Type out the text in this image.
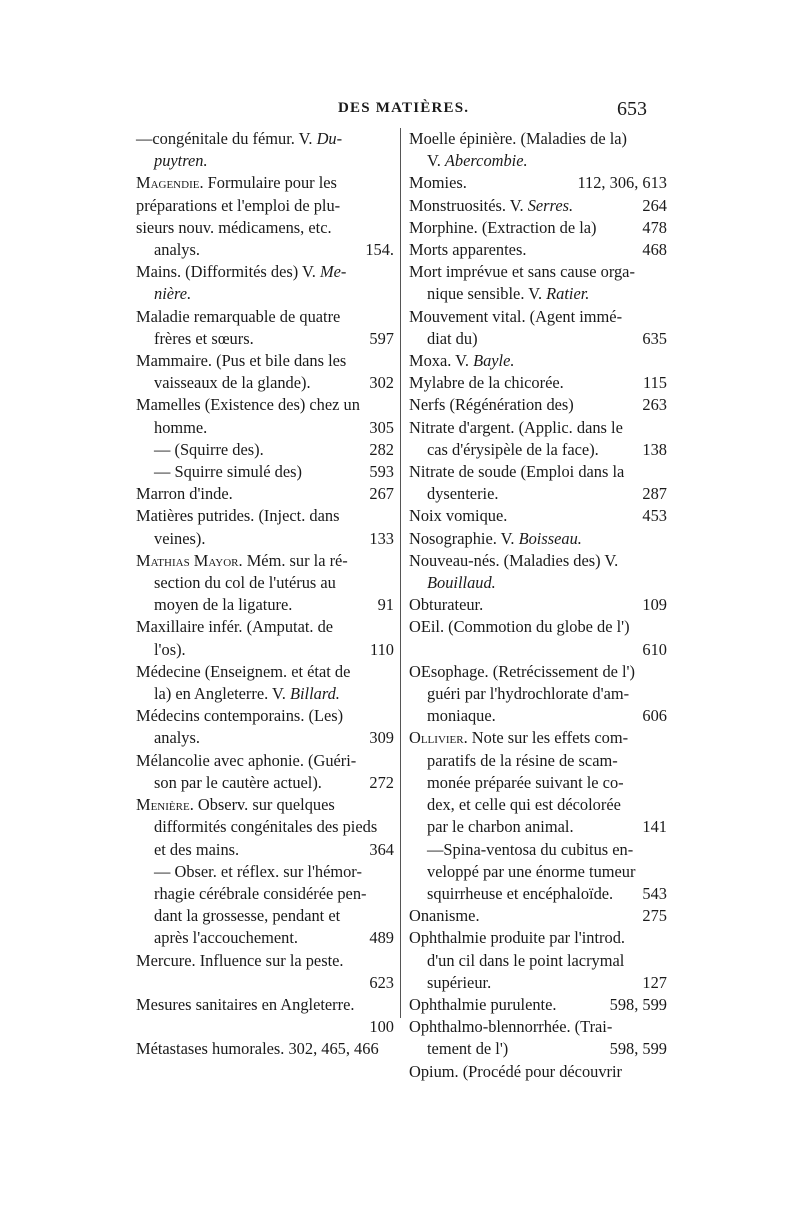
DES MATIÈRES.	653
—congénitale du fémur. V. Du-
puytren.
Magendie. Formulaire pour les
préparations et l'emploi de plu-
sieurs nouv. médicamens, etc.
analys.	154.
Mains. (Difformités des) V. Me-
nière.
Maladie remarquable de quatre
frères et sœurs.	597
Mammaire. (Pus et bile dans les
vaisseaux de la glande).	302
Mamelles (Existence des) chez un
homme.	305
— (Squirre des).	282
— Squirre simulé des)	593
Marron d'inde.	267
Matières putrides. (Inject. dans
veines).	133
Mathias Mayor. Mém. sur la ré-
section du col de l'utérus au
moyen de la ligature.	91
Maxillaire infér. (Amputat. de
l'os).	110
Médecine (Enseignem. et état de
la) en Angleterre. V. Billard.
Médecins contemporains. (Les)
analys.	309
Mélancolie avec aphonie. (Guéri-
son par le cautère actuel).	272
Menière. Observ. sur quelques
difformités congénitales des pieds
et des mains.	364
— Obser. et réflex. sur l'hémor-
rhagie cérébrale considérée pen-
dant la grossesse, pendant et
après l'accouchement.	489
Mercure. Influence sur la peste.
623
Mesures sanitaires en Angleterre.
100
Métastases humorales. 302, 465, 466
Moelle épinière. (Maladies de la)
V. Abercombie.
Momies.	112, 306, 613
Monstruosités. V. Serres.	264
Morphine. (Extraction de la)	478
Morts apparentes.	468
Mort imprévue et sans cause orga-
nique sensible. V. Ratier.
Mouvement vital. (Agent immé-
diat du)	635
Moxa. V. Bayle.
Mylabre de la chicorée.	115
Nerfs (Régénération des)	263
Nitrate d'argent. (Applic. dans le
cas d'érysipèle de la face).	138
Nitrate de soude (Emploi dans la
dysenterie.	287
Noix vomique.	453
Nosographie. V. Boisseau.
Nouveau-nés. (Maladies des) V.
Bouillaud.
Obturateur.	109
OEil. (Commotion du globe de l')
610
OEsophage. (Retrécissement de l')
guéri par l'hydrochlorate d'am-
moniaque.	606
Ollivier. Note sur les effets com-
paratifs de la résine de scam-
monée préparée suivant le co-
dex, et celle qui est décolorée
par le charbon animal.	141
—Spina-ventosa du cubitus en-
veloppé par une énorme tumeur
squirrheuse et encéphaloïde. 543
Onanisme.	275
Ophthalmie produite par l'introd.
d'un cil dans le point lacrymal
supérieur.	127
Ophthalmie purulente.	598, 599
Ophthalmo-blennorrhée. (Trai-
tement de l')	598, 599
Opium. (Procédé pour découvrir
